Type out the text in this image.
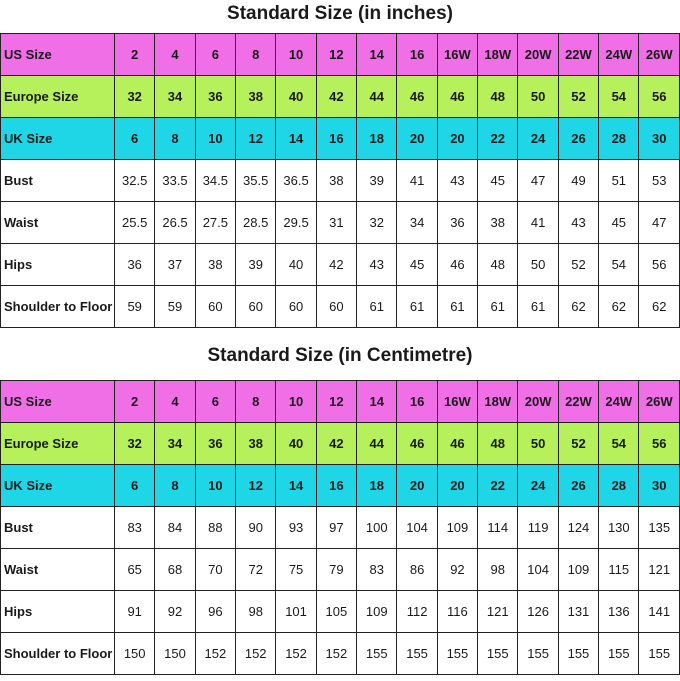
Standard Size (in inches)
US Size	2	4	6	8	10	12	14	16	16W	18W	20W	22W	24W	26W
Europe Size	32	34	36	38	40	42	44	46	46	48	50	52	54	56
UK Size	6	8	10	12	14	16	18	20	20	22	24	26	28	30
Bust	32.5	33.5	34.5	35.5	36.5	38	39	41	43	45	47	49	51	53
Waist	25.5	26.5	27.5	28.5	29.5	31	32	34	36	38	41	43	45	47
Hips	36	37	38	39	40	42	43	45	46	48	50	52	54	56
Shoulder to Floor	59	59	60	60	60	60	61	61	61	61	61	62	62	62
Standard Size (in Centimetre)
US Size	2	4	6	8	10	12	14	16	16W	18W	20W	22W	24W	26W
Europe Size	32	34	36	38	40	42	44	46	46	48	50	52	54	56
UK Size	6	8	10	12	14	16	18	20	20	22	24	26	28	30
Bust	83	84	88	90	93	97	100	104	109	114	119	124	130	135
Waist	65	68	70	72	75	79	83	86	92	98	104	109	115	121
Hips	91	92	96	98	101	105	109	112	116	121	126	131	136	141
Shoulder to Floor	150	150	152	152	152	152	155	155	155	155	155	155	155	155
